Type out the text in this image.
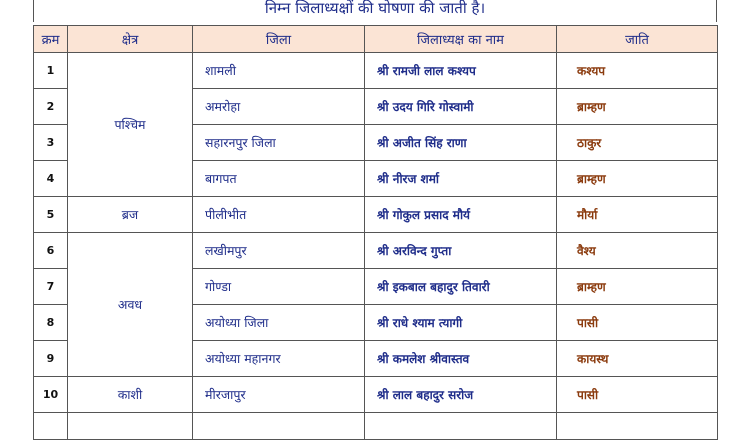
निम्न जिलाध्यक्षों की घोषणा की जाती है।
क्रम	क्षेत्र	जिला	जिलाध्यक्ष का नाम	जाति
1	पश्चिम	शामली	श्री रामजी लाल कश्यप	कश्यप
2		अमरोहा	श्री उदय गिरि गोस्वामी	ब्राम्हण
3		सहारनपुर जिला	श्री अजीत सिंह राणा	ठाकुर
4		बागपत	श्री नीरज शर्मा	ब्राम्हण
5	ब्रज	पीलीभीत	श्री गोकुल प्रसाद मौर्य	मौर्या
6	अवध	लखीमपुर	श्री अरविन्द गुप्ता	वैश्य
7		गोण्डा	श्री इकबाल बहादुर तिवारी	ब्राम्हण
8		अयोध्या जिला	श्री राधे श्याम त्यागी	पासी
9		अयोध्या महानगर	श्री कमलेश श्रीवास्तव	कायस्थ
10	काशी	मीरजापुर	श्री लाल बहादुर सरोज	पासी
